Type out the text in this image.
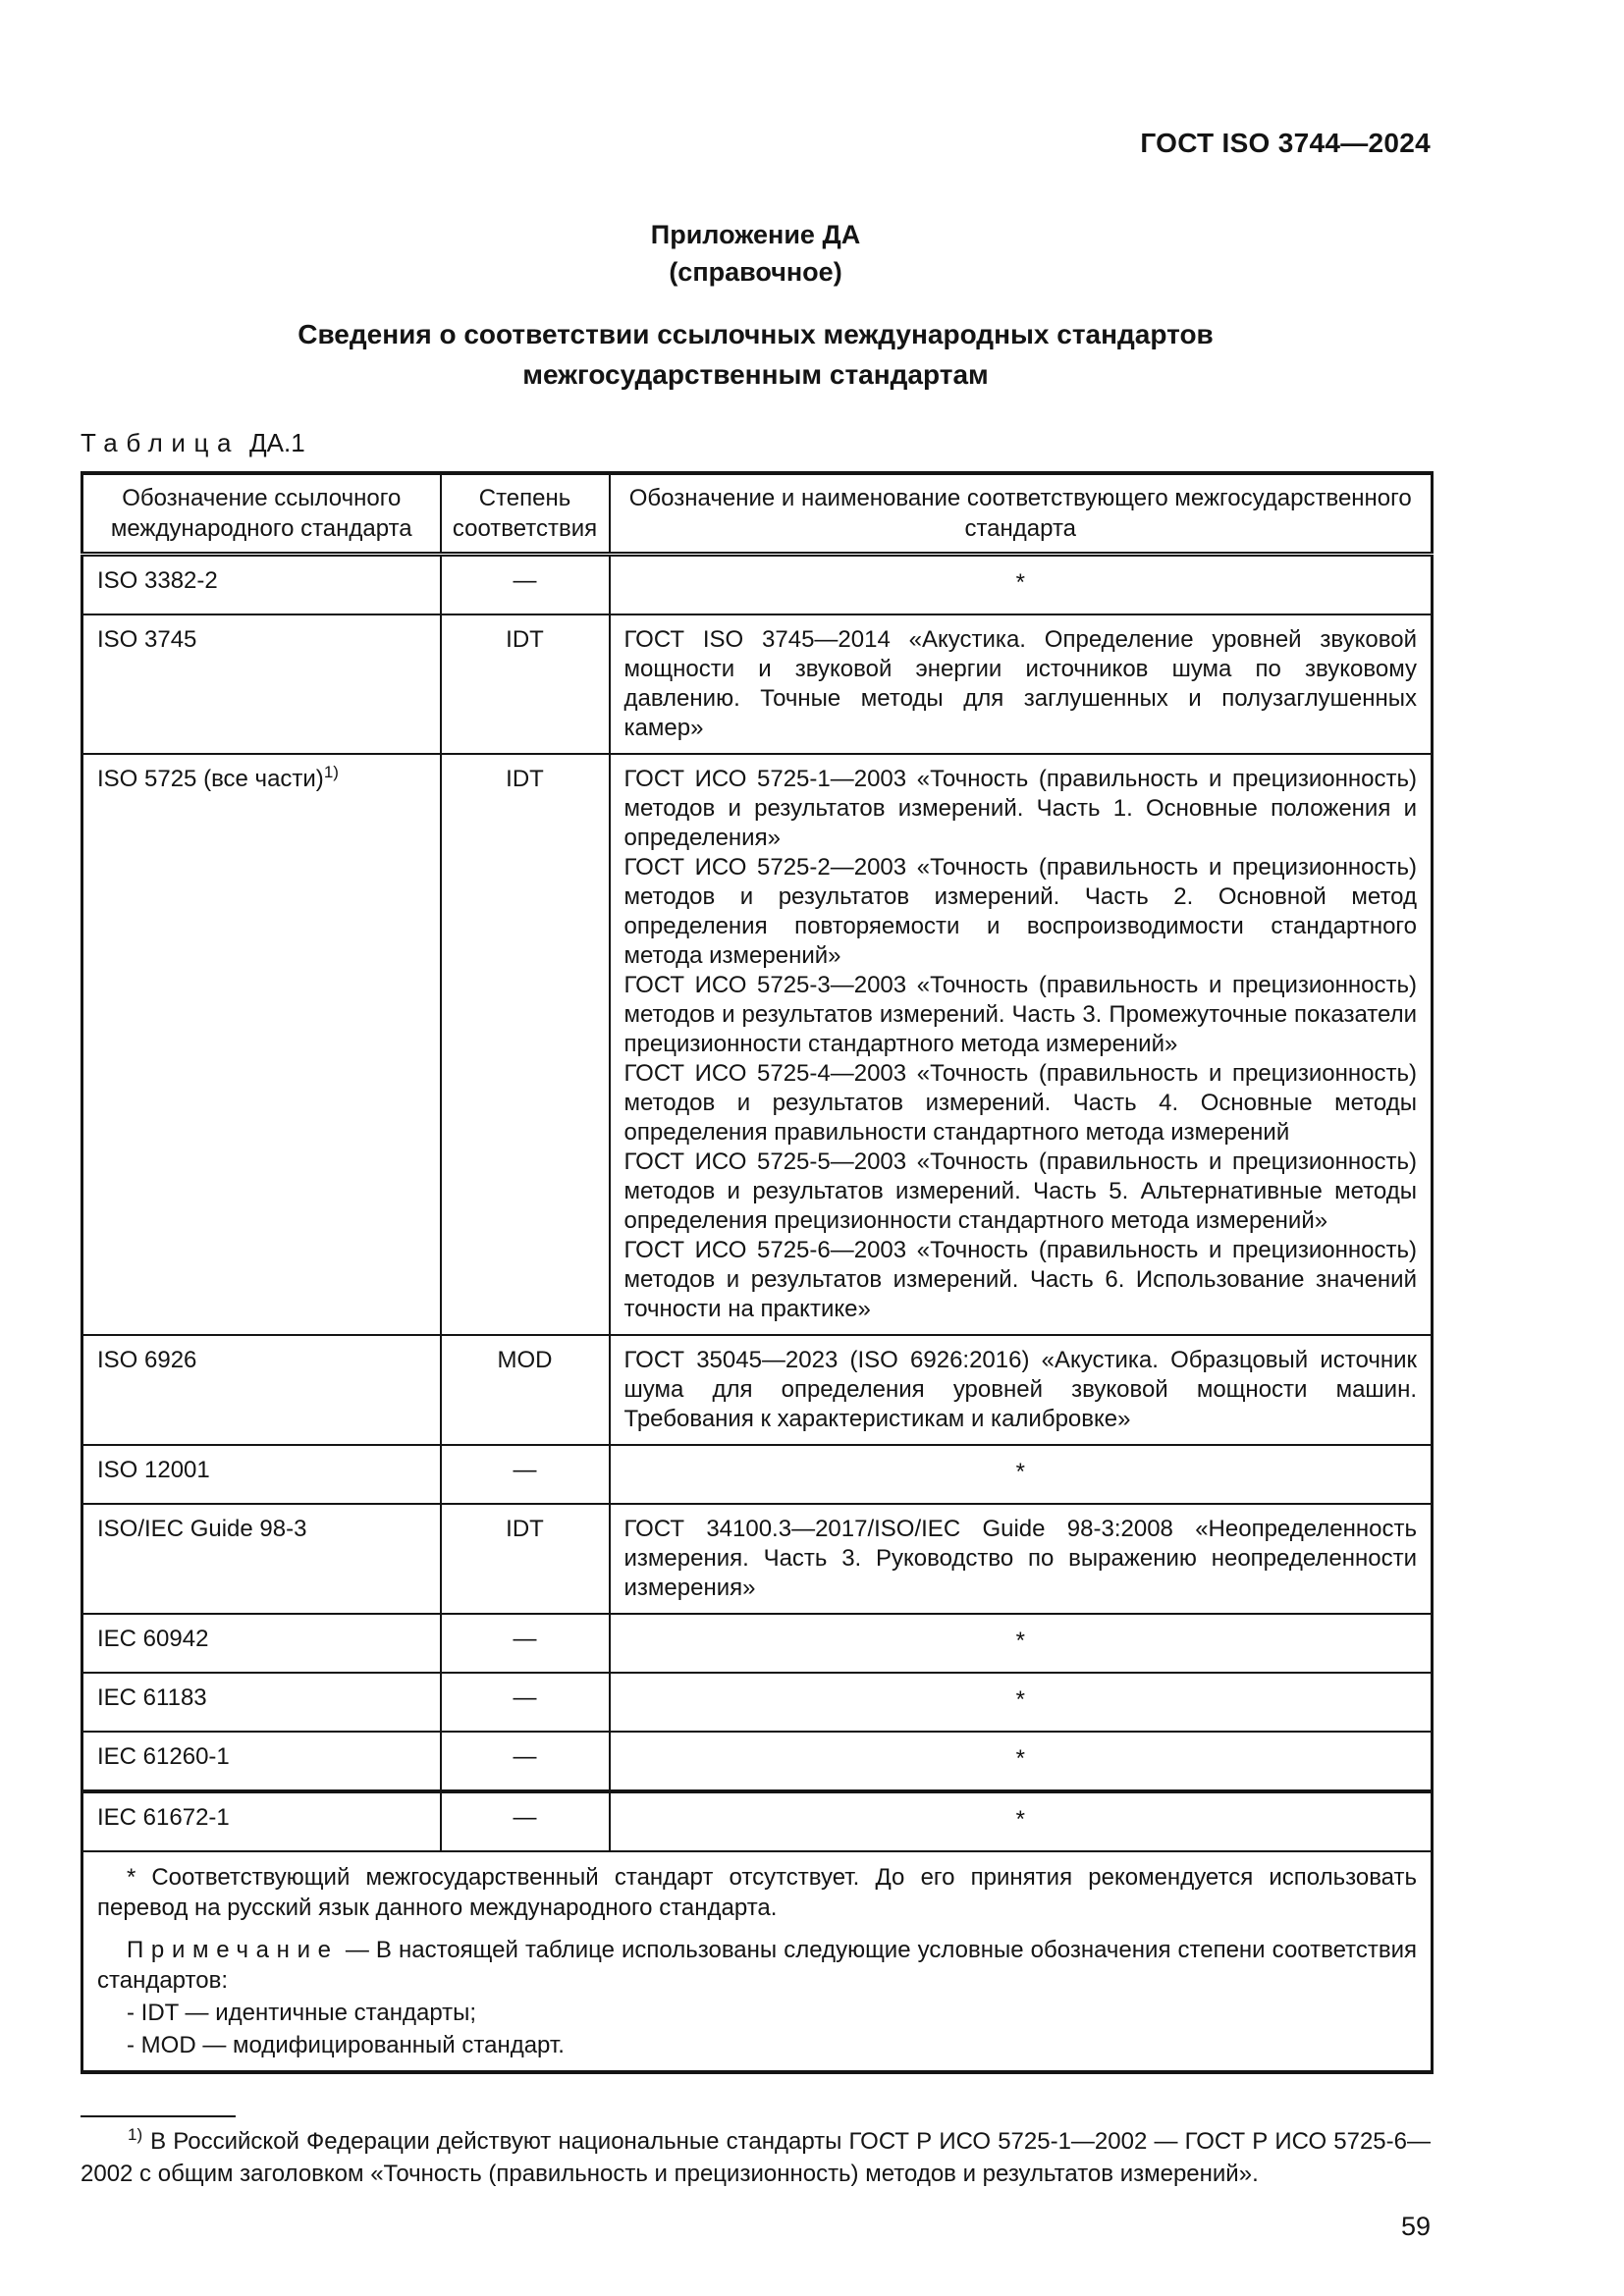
ГОСТ ISO 3744—2024
Приложение ДА
(справочное)
Сведения о соответствии ссылочных международных стандартов
межгосударственным стандартам
Таблица ДА.1
Обозначение ссылочного международного стандарта	Степень соответствия	Обозначение и наименование соответствующего межгосударственного стандарта
ISO 3382-2	—	*
ISO 3745	IDT	ГОСТ ISO 3745—2014 «Акустика. Определение уровней звуковой мощности и звуковой энергии источников шума по звуковому давлению. Точные методы для заглушенных и полузаглушенных камер»

ISO 5725 (все части)$^{1)}$	IDT	ГОСТ ИСО 5725-1—2003 «Точность (правильность и прецизионность) методов и результатов измерений. Часть 1. Основные положения и определения»

ГОСТ ИСО 5725-2—2003 «Точность (правильность и прецизионность) методов и результатов измерений. Часть 2. Основной метод определения повторяемости и воспроизводимости стандартного метода измерений»

ГОСТ ИСО 5725-3—2003 «Точность (правильность и прецизионность) методов и результатов измерений. Часть 3. Промежуточные показатели прецизионности стандартного метода измерений»

ГОСТ ИСО 5725-4—2003 «Точность (правильность и прецизионность) методов и результатов измерений. Часть 4. Основные методы определения правильности стандартного метода измерений

ГОСТ ИСО 5725-5—2003 «Точность (правильность и прецизионность) методов и результатов измерений. Часть 5. Альтернативные методы определения прецизионности стандартного метода измерений»

ГОСТ ИСО 5725-6—2003 «Точность (правильность и прецизионность) методов и результатов измерений. Часть 6. Использование значений точности на практике»

ISO 6926	MOD	ГОСТ 35045—2023 (ISO 6926:2016) «Акустика. Образцовый источник шума для определения уровней звуковой мощности машин. Требования к характеристикам и калибровке»

ISO 12001	—	*
ISO/IEC Guide 98-3	IDT	ГОСТ 34100.3—2017/ISO/IEC Guide 98-3:2008 «Неопределенность измерения. Часть 3. Руководство по выражению неопределенности измерения»

IEC 60942	—	*
IEC 61183	—	*
IEC 61260-1	—	*
IEC 61672-1	—	*

* Соответствующий межгосударственный стандарт отсутствует. До его принятия рекомендуется использовать перевод на русский язык данного международного стандарта.

Примечание — В настоящей таблице использованы следующие условные обозначения степени соответствия стандартов:

- IDT — идентичные стандарты;

- MOD — модифицированный стандарт.		

$^{1)}$ В Российской Федерации действуют национальные стандарты ГОСТ Р ИСО 5725-1—2002 — ГОСТ Р ИСО 5725-6—2002 с общим заголовком «Точность (правильность и прецизионность) методов и результатов измерений».

59
